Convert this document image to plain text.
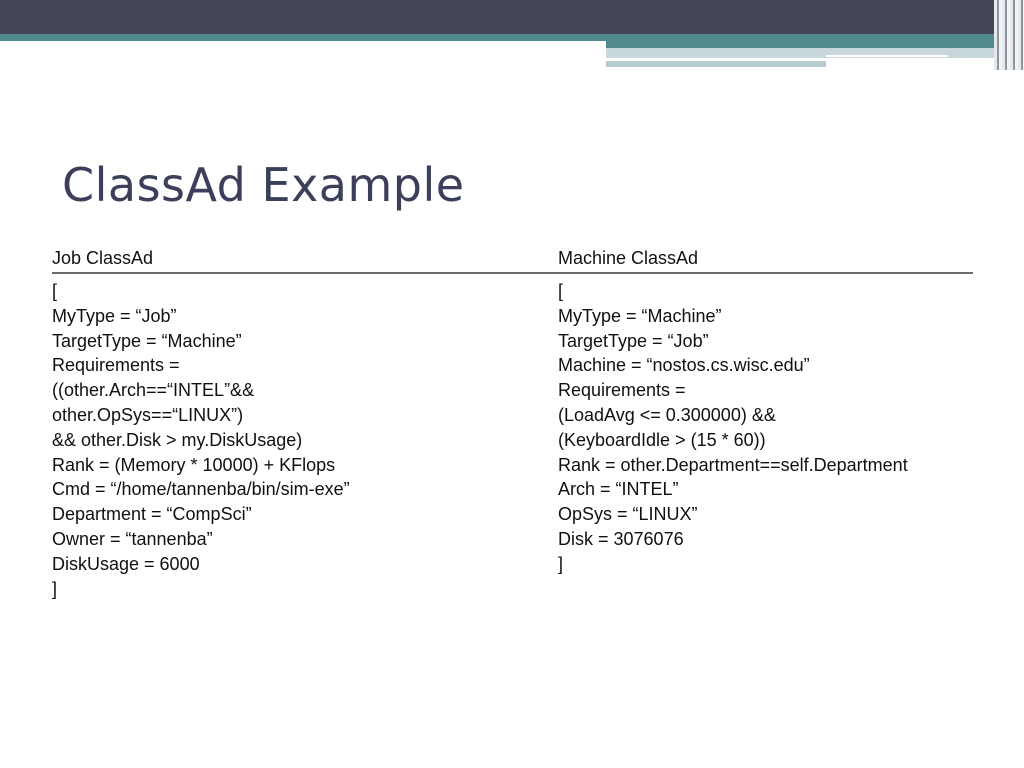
ClassAd Example
Job ClassAd
[
MyType = “Job”
TargetType = “Machine”
Requirements =
((other.Arch==“INTEL”&&
other.OpSys==“LINUX”)
&& other.Disk > my.DiskUsage)
Rank = (Memory * 10000) + KFlops
Cmd = “/home/tannenba/bin/sim-exe”
Department = “CompSci”
Owner = “tannenba”
DiskUsage = 6000
]
Machine ClassAd
[
MyType = “Machine”
TargetType = “Job”
Machine = “nostos.cs.wisc.edu”
Requirements =
(LoadAvg <= 0.300000) &&
(KeyboardIdle > (15 * 60))
Rank = other.Department==self.Department
Arch = “INTEL”
OpSys = “LINUX”
Disk = 3076076
]
